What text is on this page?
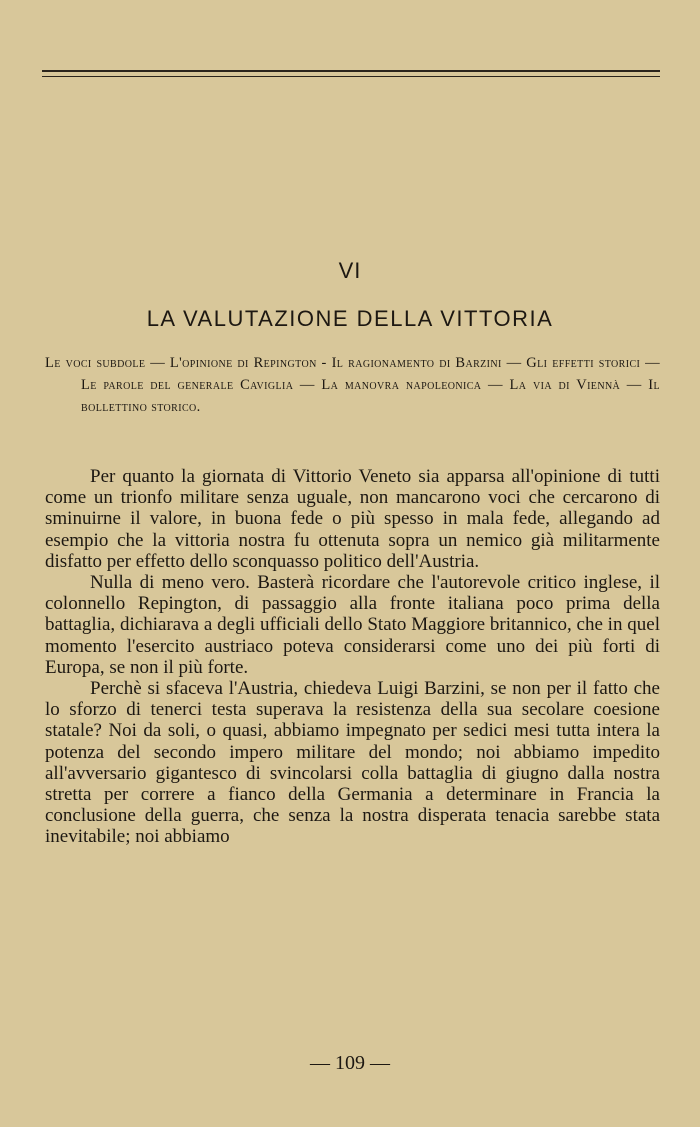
VI
LA VALUTAZIONE DELLA VITTORIA
Le voci subdole — L'opinione di Repington - Il ragionamento di Barzini — Gli effetti storici — Le parole del generale Caviglia — La manovra napoleonica — La via di Viennà — Il bollettino storico.

Per quanto la giornata di Vittorio Veneto sia apparsa all'opinione di tutti come un trionfo militare senza uguale, non mancarono voci che cercarono di sminuirne il valore, in buona fede o più spesso in mala fede, allegando ad esempio che la vittoria nostra fu ottenuta sopra un nemico già militarmente disfatto per effetto dello sconquasso politico dell'Austria.

Nulla di meno vero. Basterà ricordare che l'autorevole critico inglese, il colonnello Repington, di passaggio alla fronte italiana poco prima della battaglia, dichiarava a degli ufficiali dello Stato Maggiore britannico, che in quel momento l'esercito austriaco poteva considerarsi come uno dei più forti di Europa, se non il più forte.

Perchè si sfaceva l'Austria, chiedeva Luigi Barzini, se non per il fatto che lo sforzo di tenerci testa superava la resistenza della sua secolare coesione statale? Noi da soli, o quasi, abbiamo impegnato per sedici mesi tutta intera la potenza del secondo impero militare del mondo; noi abbiamo impedito all'avversario gigantesco di svincolarsi colla battaglia di giugno dalla nostra stretta per correre a fianco della Germania a determinare in Francia la conclusione della guerra, che senza la nostra disperata tenacia sarebbe stata inevitabile; noi abbiamo

— 109 —
